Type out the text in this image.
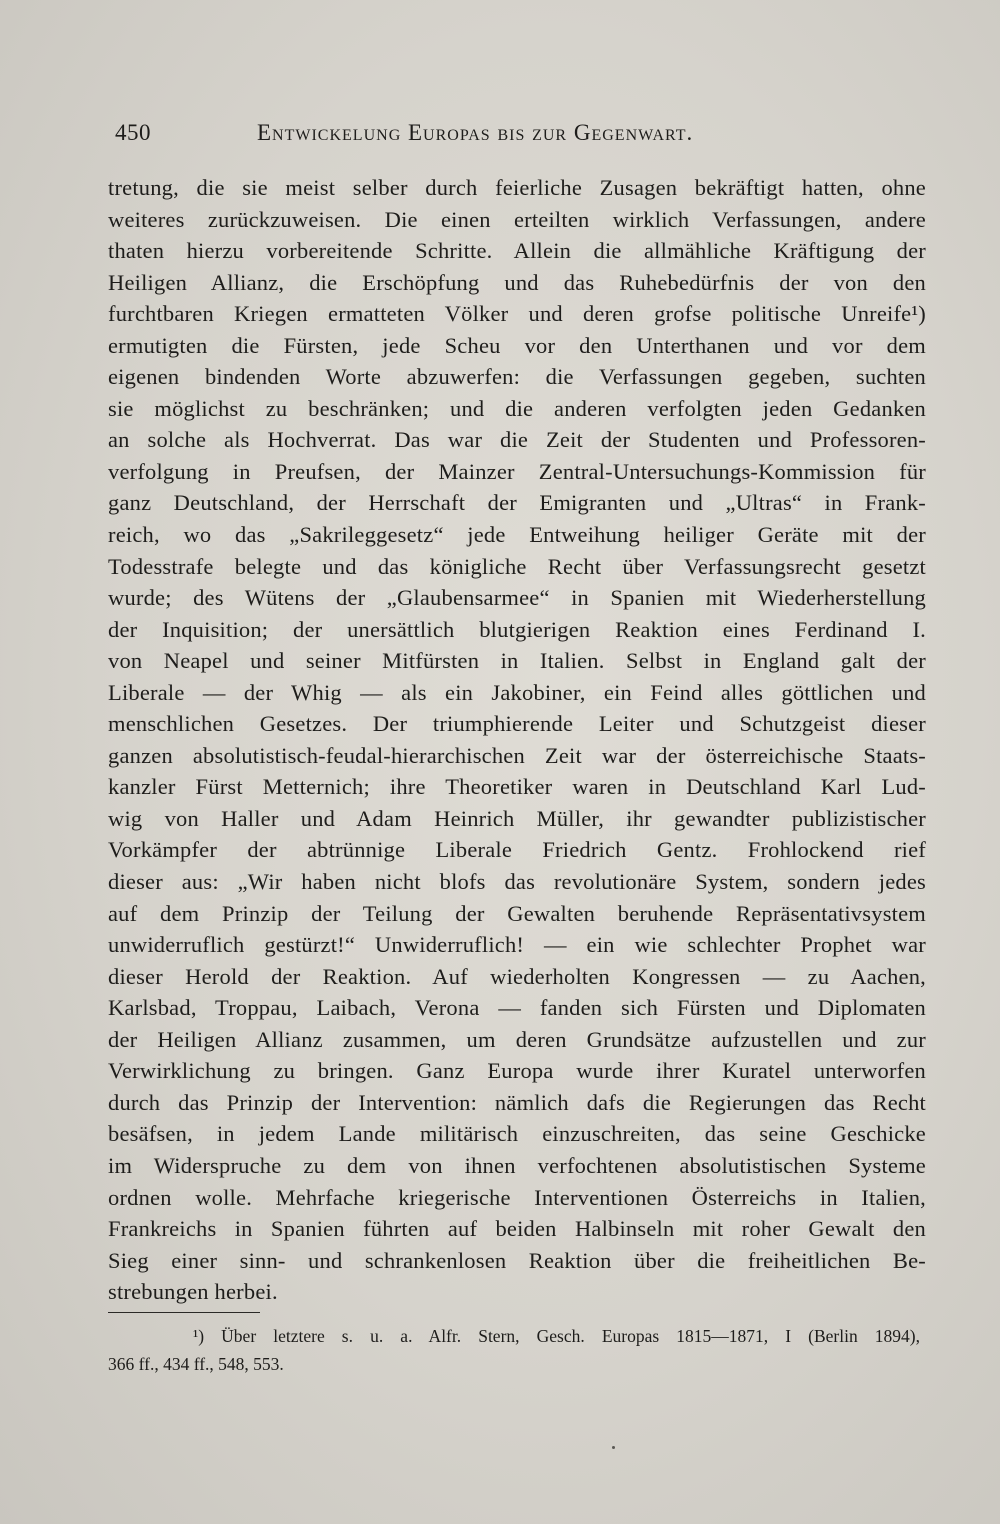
450	Entwickelung Europas bis zur Gegenwart.
tretung, die sie meist selber durch feierliche Zusagen bekräftigt hatten, ohne
weiteres zurückzuweisen. Die einen erteilten wirklich Verfassungen, andere
thaten hierzu vorbereitende Schritte. Allein die allmähliche Kräftigung der
Heiligen Allianz, die Erschöpfung und das Ruhebedürfnis der von den
furchtbaren Kriegen ermatteten Völker und deren grofse politische Unreife¹)
ermutigten die Fürsten, jede Scheu vor den Unterthanen und vor dem
eigenen bindenden Worte abzuwerfen: die Verfassungen gegeben, suchten
sie möglichst zu beschränken; und die anderen verfolgten jeden Gedanken
an solche als Hochverrat. Das war die Zeit der Studenten und Professoren-
verfolgung in Preufsen, der Mainzer Zentral-Untersuchungs-Kommission für
ganz Deutschland, der Herrschaft der Emigranten und „Ultras“ in Frank-
reich, wo das „Sakrileggesetz“ jede Entweihung heiliger Geräte mit der
Todesstrafe belegte und das königliche Recht über Verfassungsrecht gesetzt
wurde; des Wütens der „Glaubensarmee“ in Spanien mit Wiederherstellung
der Inquisition; der unersättlich blutgierigen Reaktion eines Ferdinand I.
von Neapel und seiner Mitfürsten in Italien. Selbst in England galt der
Liberale — der Whig — als ein Jakobiner, ein Feind alles göttlichen und
menschlichen Gesetzes. Der triumphierende Leiter und Schutzgeist dieser
ganzen absolutistisch-feudal-hierarchischen Zeit war der österreichische Staats-
kanzler Fürst Metternich; ihre Theoretiker waren in Deutschland Karl Lud-
wig von Haller und Adam Heinrich Müller, ihr gewandter publizistischer
Vorkämpfer der abtrünnige Liberale Friedrich Gentz. Frohlockend rief
dieser aus: „Wir haben nicht blofs das revolutionäre System, sondern jedes
auf dem Prinzip der Teilung der Gewalten beruhende Repräsentativsystem
unwiderruflich gestürzt!“ Unwiderruflich! — ein wie schlechter Prophet war
dieser Herold der Reaktion. Auf wiederholten Kongressen — zu Aachen,
Karlsbad, Troppau, Laibach, Verona — fanden sich Fürsten und Diplomaten
der Heiligen Allianz zusammen, um deren Grundsätze aufzustellen und zur
Verwirklichung zu bringen. Ganz Europa wurde ihrer Kuratel unterworfen
durch das Prinzip der Intervention: nämlich dafs die Regierungen das Recht
besäfsen, in jedem Lande militärisch einzuschreiten, das seine Geschicke
im Widerspruche zu dem von ihnen verfochtenen absolutistischen Systeme
ordnen wolle. Mehrfache kriegerische Interventionen Österreichs in Italien,
Frankreichs in Spanien führten auf beiden Halbinseln mit roher Gewalt den
Sieg einer sinn- und schrankenlosen Reaktion über die freiheitlichen Be-
strebungen herbei.
¹) Über letztere s. u. a. Alfr. Stern, Gesch. Europas 1815—1871, I (Berlin 1894),
366 ff., 434 ff., 548, 553.
